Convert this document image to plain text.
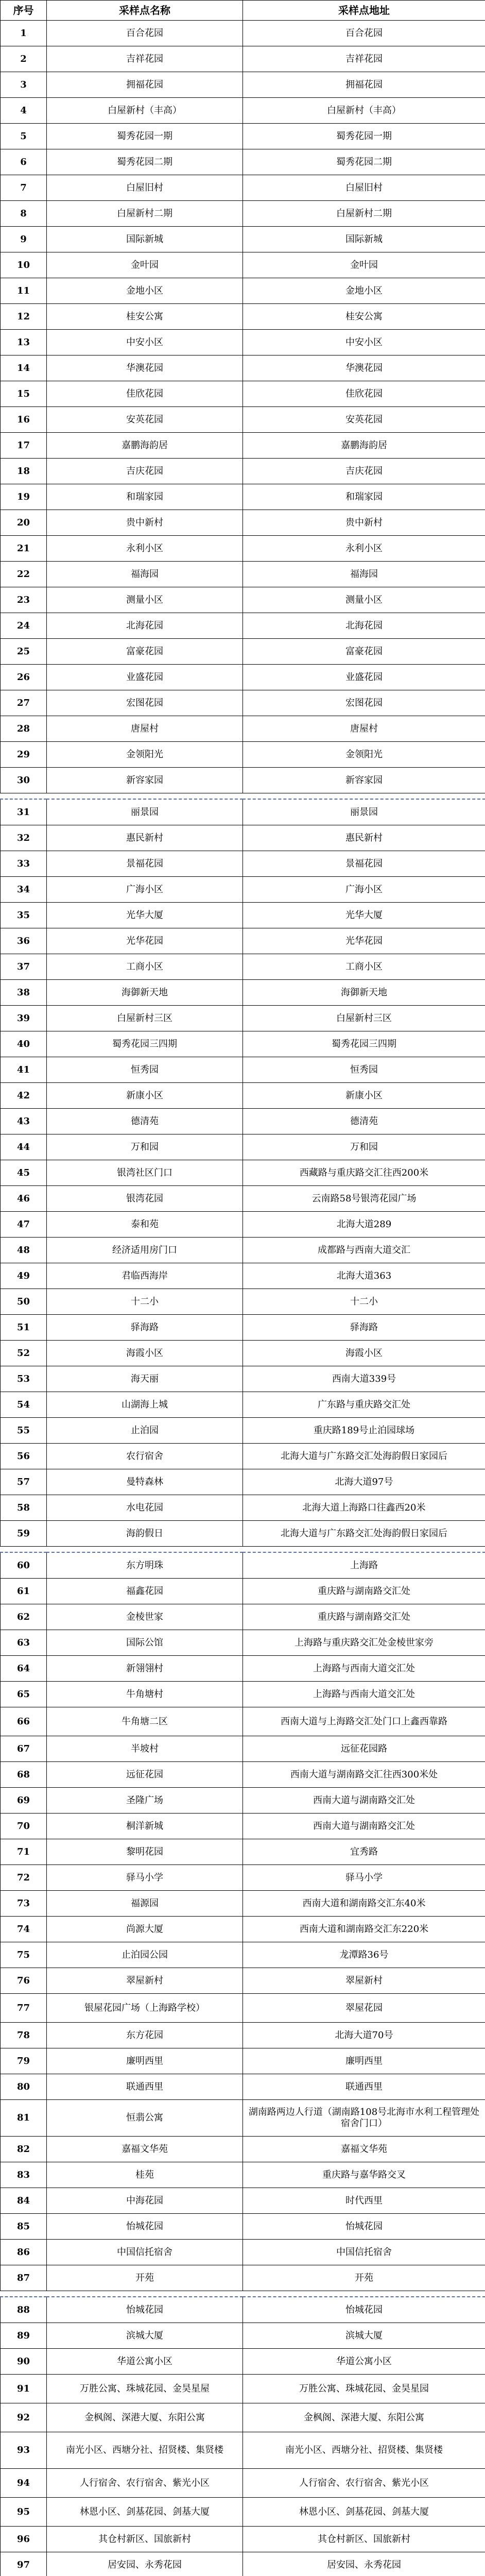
序号	采样点名称	采样点地址
1	百合花园	百合花园
2	吉祥花园	吉祥花园
3	拥福花园	拥福花园
4	白屋新村（丰高）	白屋新村（丰高）
5	蜀秀花园一期	蜀秀花园一期
6	蜀秀花园二期	蜀秀花园二期
7	白屋旧村	白屋旧村
8	白屋新村二期	白屋新村二期
9	国际新城	国际新城
10	金叶园	金叶园
11	金地小区	金地小区
12	桂安公寓	桂安公寓
13	中安小区	中安小区
14	华澳花园	华澳花园
15	佳欣花园	佳欣花园
16	安英花园	安英花园
17	嘉鹏海韵居	嘉鹏海韵居
18	吉庆花园	吉庆花园
19	和瑞家园	和瑞家园
20	贵中新村	贵中新村
21	永利小区	永利小区
22	福海园	福海园
23	测量小区	测量小区
24	北海花园	北海花园
25	富豪花园	富豪花园
26	业盛花园	业盛花园
27	宏图花园	宏图花园
28	唐屋村	唐屋村
29	金领阳光	金领阳光
30	新容家园	新容家园

31	丽景园	丽景园
32	惠民新村	惠民新村
33	景福花园	景福花园
34	广海小区	广海小区
35	光华大厦	光华大厦
36	光华花园	光华花园
37	工商小区	工商小区
38	海御新天地	海御新天地
39	白屋新村三区	白屋新村三区
40	蜀秀花园三四期	蜀秀花园三四期
41	恒秀园	恒秀园
42	新康小区	新康小区
43	德清苑	德清苑
44	万和园	万和园
45	银湾社区门口	西藏路与重庆路交汇往西200米
46	银湾花园	云南路58号银湾花园广场
47	泰和苑	北海大道289
48	经济适用房门口	成都路与西南大道交汇
49	君临西海岸	北海大道363
50	十二小	十二小
51	驿海路	驿海路
52	海霞小区	海霞小区
53	海天丽	西南大道339号
54	山湖海上城	广东路与重庆路交汇处
55	止泊园	重庆路189号止泊园球场
56	农行宿舍	北海大道与广东路交汇处海韵假日家园后
57	曼特森林	北海大道97号
58	水电花园	北海大道上海路口往鑫西20米
59	海韵假日	北海大道与广东路交汇处海韵假日家园后

60	东方明珠	上海路
61	福鑫花园	重庆路与湖南路交汇处
62	金棱世家	重庆路与湖南路交汇处
63	国际公馆	上海路与重庆路交汇处金棱世家旁
64	新翎翎村	上海路与西南大道交汇处
65	牛角塘村	上海路与西南大道交汇处
66	牛角塘二区	西南大道与上海路交汇处门口上鑫西靠路
67	半坡村	远征花园路
68	远征花园	西南大道与湖南路交汇往西300米处
69	圣隆广场	西南大道与湖南路交汇处
70	桐洋新城	西南大道与湖南路交汇处
71	黎明花园	宜秀路
72	驿马小学	驿马小学
73	福源园	西南大道和湖南路交汇东40米
74	尚源大厦	西南大道和湖南路交汇东220米
75	止泊园公园	龙潭路36号
76	翠屋新村	翠屋新村
77	银屋花园广场（上海路学校）	翠屋花园
78	东方花园	北海大道70号
79	廉明西里	廉明西里
80	联通西里	联通西里
81	恒翡公寓	湖南路两边人行道（湖南路108号北海市水利工程管理处宿舍门口）
82	嘉福文华苑	嘉福文华苑
83	桂苑	重庆路与嘉华路交叉
84	中海花园	时代西里
85	怡城花园	怡城花园
86	中国信托宿舍	中国信托宿舍
87	开苑	开苑

88	怡城花园	怡城花园
89	滨城大厦	滨城大厦
90	华道公寓小区	华道公寓小区
91	万胜公寓、珠城花园、金昊星屋	万胜公寓、珠城花园、金昊星园
92	金枫阁、深港大厦、东阳公寓	金枫阁、深港大厦、东阳公寓
93	南光小区、西塘分社、招贤楼、集贤楼	南光小区、西塘分社、招贤楼、集贤楼
94	人行宿舍、农行宿舍、紫光小区	人行宿舍、农行宿舍、紫光小区
95	林恩小区、剑基花园、剑基大厦	林恩小区、剑基花园、剑基大厦
96	其仓村新区、国旅新村	其仓村新区、国旅新村
97	居安园、永秀花园	居安园、永秀花园
